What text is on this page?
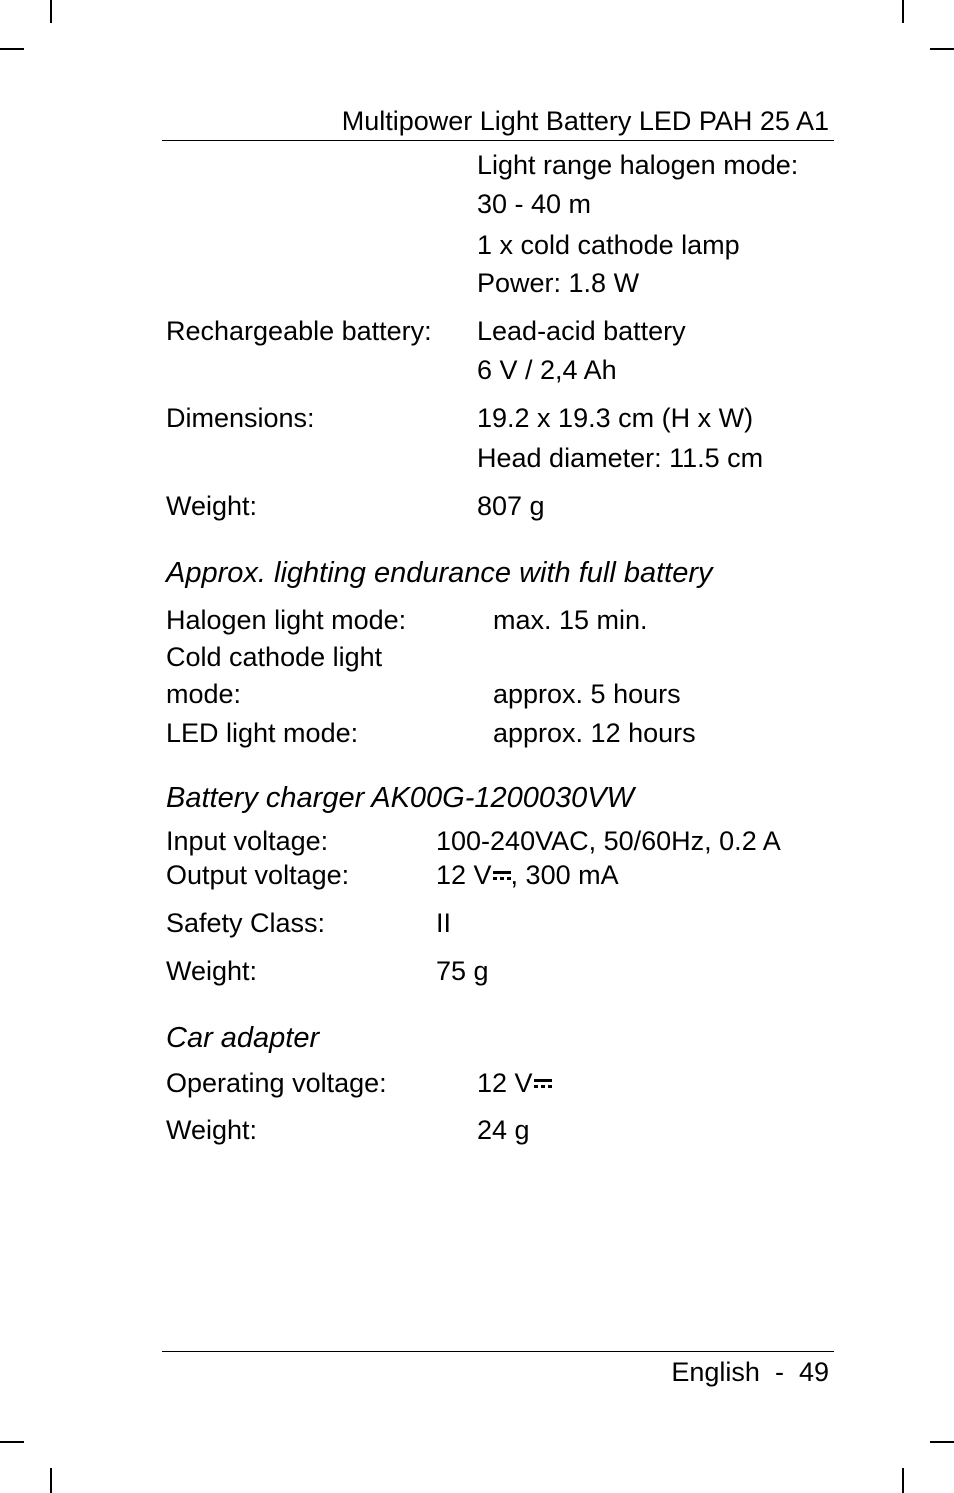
Multipower Light Battery LED PAH 25 A1
Light range halogen mode:
30 - 40 m
1 x cold cathode lamp
Power: 1.8 W
Rechargeable battery: Lead-acid battery
6 V / 2,4 Ah
Dimensions:	19.2 x 19.3 cm (H x W)
Head diameter: 11.5 cm
Weight:	807 g
Approx. lighting endurance with full battery
Halogen light mode:	max. 15 min.
Cold cathode light
mode:	approx. 5 hours
LED light mode:	approx. 12 hours
Battery charger AK00G-1200030VW
Input voltage:	100-240VAC, 50/60Hz, 0.2 A
Output voltage:	12 V , 300 mA
Safety Class:	II
Weight:	75 g
Car adapter
Operating voltage:	12 V
Weight:	24 g
English - 49
